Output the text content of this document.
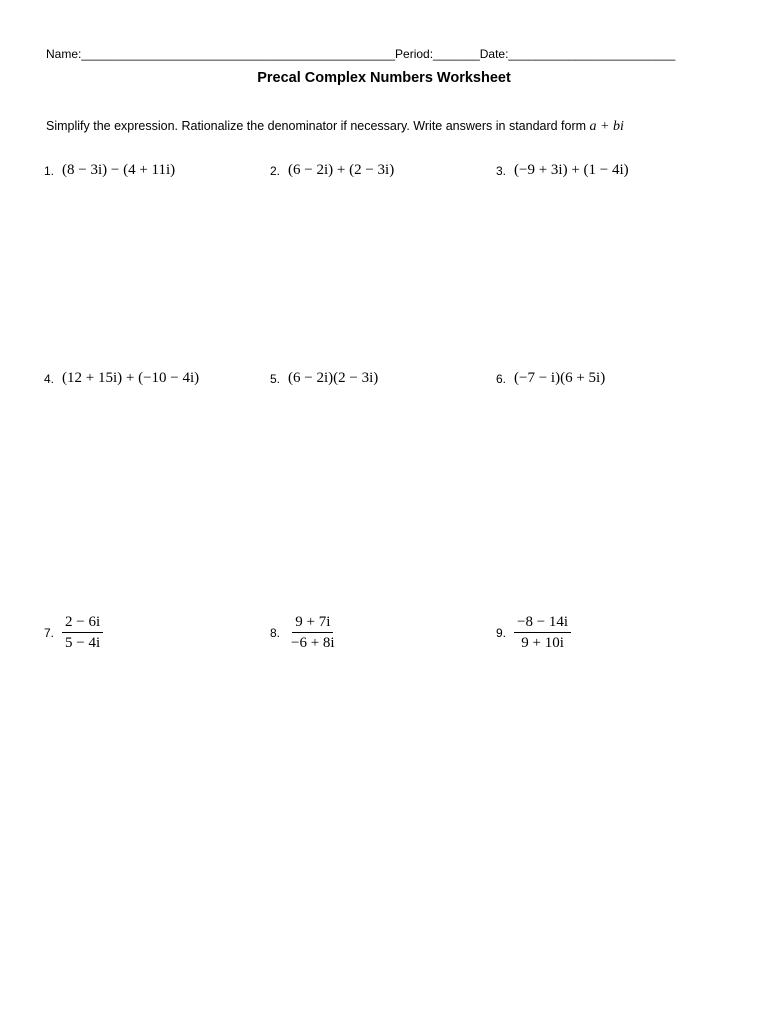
Name:_______________________________________________Period:_______Date:_________________________
Precal Complex Numbers Worksheet
Simplify the expression. Rationalize the denominator if necessary. Write answers in standard form a + bi
1. (8 − 3i) − (4 + 11i)	2. (6 − 2i) + (2 − 3i)	3. (−9 + 3i) + (1 − 4i)
4. (12 + 15i) + (−10 − 4i)	5. (6 − 2i)(2 − 3i)	6. (−7 − i)(6 + 5i)
7. $\frac{2 - 6i}{5 - 4i}$	8. $\frac{9 + 7i}{-6 + 8i}$	9. $\frac{-8 - 14i}{9 + 10i}$
